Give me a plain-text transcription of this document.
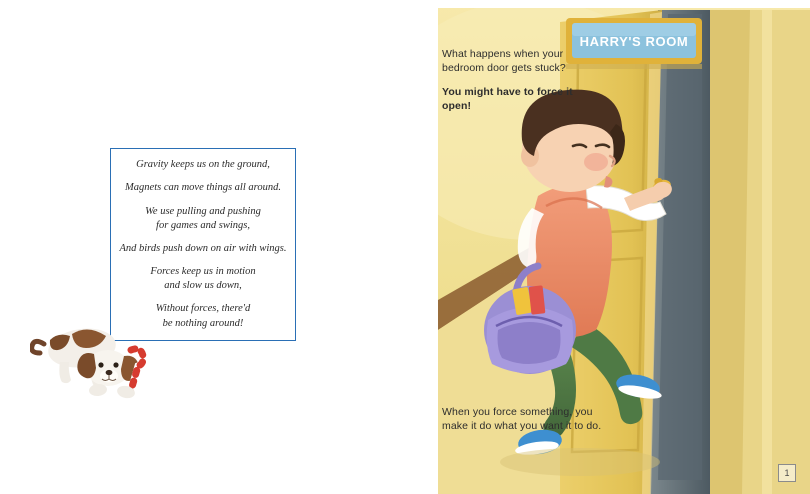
Gravity keeps us on the ground,
Magnets can move things all around.
We use pulling and pushing
for games and swings,
And birds push down on air with wings.
Forces keep us in motion
and slow us down,
Without forces, there'd
be nothing around!
HARRY'S ROOM
What happens when your bedroom door gets stuck?
You might have to force it open!
When you force something, you make it do what you want it to do.
1
